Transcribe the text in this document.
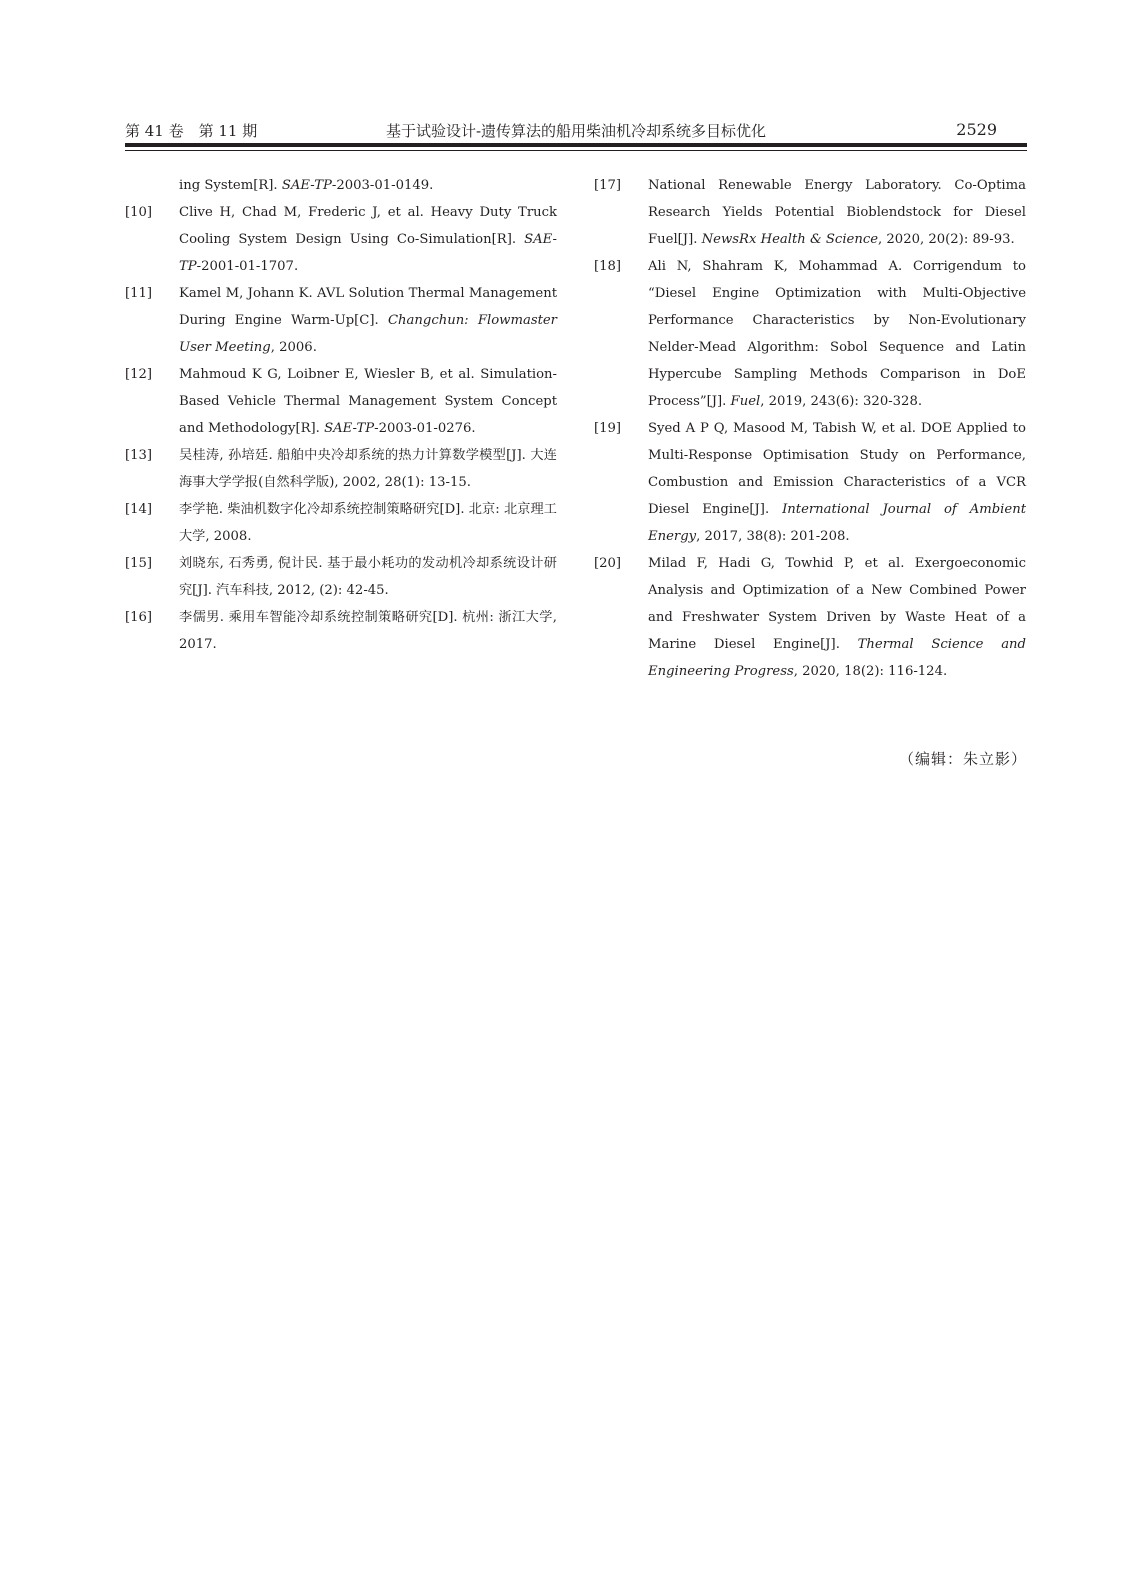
第 41 卷　第 11 期	基于试验设计-遗传算法的船用柴油机冷却系统多目标优化	2529
ing System[R]. SAE-TP-2003-01-0149.
[10] Clive H, Chad M, Frederic J, et al. Heavy Duty Truck Cooling System Design Using Co-Simulation[R]. SAE-TP-2001-01-1707.
[11] Kamel M, Johann K. AVL Solution Thermal Management During Engine Warm-Up[C]. Changchun: Flowmaster User Meeting, 2006.
[12] Mahmoud K G, Loibner E, Wiesler B, et al. Simulation-Based Vehicle Thermal Management System Concept and Methodology[R]. SAE-TP-2003-01-0276.
[13] 吴桂涛, 孙培廷. 船舶中央冷却系统的热力计算数学模型[J]. 大连海事大学学报(自然科学版), 2002, 28(1): 13-15.
[14] 李学艳. 柴油机数字化冷却系统控制策略研究[D]. 北京: 北京理工大学, 2008.
[15] 刘晓东, 石秀勇, 倪计民. 基于最小耗功的发动机冷却系统设计研究[J]. 汽车科技, 2012, (2): 42-45.
[16] 李儒男. 乘用车智能冷却系统控制策略研究[D]. 杭州: 浙江大学, 2017.
[17] National Renewable Energy Laboratory. Co-Optima Research Yields Potential Bioblendstock for Diesel Fuel[J]. NewsRx Health & Science, 2020, 20(2): 89-93.
[18] Ali N, Shahram K, Mohammad A. Corrigendum to “Diesel Engine Optimization with Multi-Objective Performance Characteristics by Non-Evolutionary Nelder-Mead Algorithm: Sobol Sequence and Latin Hypercube Sampling Methods Comparison in DoE Process”[J]. Fuel, 2019, 243(6): 320-328.
[19] Syed A P Q, Masood M, Tabish W, et al. DOE Applied to Multi-Response Optimisation Study on Performance, Combustion and Emission Characteristics of a VCR Diesel Engine[J]. International Journal of Ambient Energy, 2017, 38(8): 201-208.
[20] Milad F, Hadi G, Towhid P, et al. Exergoeconomic Analysis and Optimization of a New Combined Power and Freshwater System Driven by Waste Heat of a Marine Diesel Engine[J]. Thermal Science and Engineering Progress, 2020, 18(2): 116-124.
（编辑：朱立影）
